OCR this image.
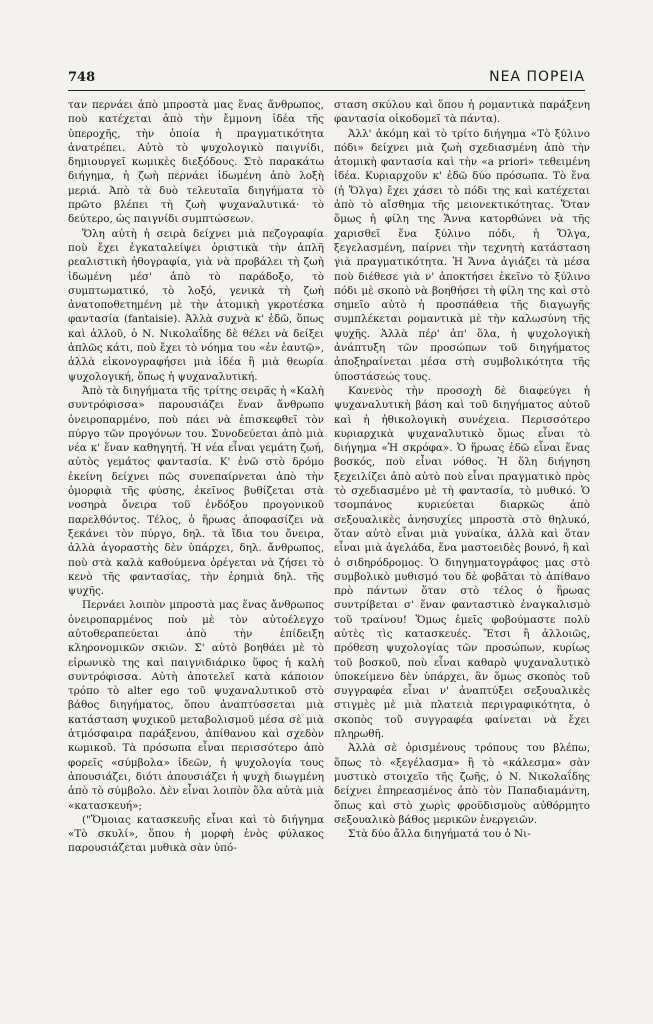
748	ΝΕΑ ΠΟΡΕΙΑ

ταν περνάει ἀπὸ μπροστὰ μας ἕνας ἄνθρωπος, ποὺ κατέχεται ἀπὸ τὴν ἔμμονη ἰδέα τῆς ὑπεροχῆς, τὴν ὁποία ἡ πραγματικότητα ἀνατρέπει. Αὐτὸ τὸ ψυχολογικὸ παιγνίδι, δημιουργεῖ κωμικὲς διεξόδους. Στὸ παρακάτω διήγημα, ἡ ζωὴ περνάει ἰδωμένη ἀπὸ λοξὴ μεριά. Ἀπὸ τὰ δυὸ τελευταῖα διηγήματα τὸ πρῶτο βλέπει τὴ ζωὴ ψυχαναλυτικά· τὸ δεύτερο, ὡς παιγνίδι συμπτώσεων.

Ὅλη αὐτὴ ἡ σειρὰ δείχνει μιὰ πεζογραφία ποὺ ἔχει ἐγκαταλείψει ὁριστικὰ τὴν ἁπλῆ ρεαλιστικὴ ἠθογραφία, γιὰ νὰ προβάλει τὴ ζωὴ ἰδωμένη μέσ' ἀπὸ τὸ παράδοξο, τὸ συμπτωματικό, τὸ λοξό, γενικὰ τὴ ζωὴ ἀνατοποθετημένη μὲ τὴν ἀτομικὴ γκροτέσκα φαντασία (fantaisie). Ἀλλὰ συχνὰ κ' ἐδῶ, ὅπως καὶ ἀλλοῦ, ὁ Ν. Νικολαΐδης δὲ θέλει νὰ δείξει ἁπλῶς κάτι, ποὺ ἔχει τὸ νόημα του «ἐν ἑαυτῷ», ἀλλὰ εἰκονογραφήσει μιὰ ἰδέα ἢ μιὰ θεωρία ψυχολογική, ὅπως ἡ ψυχαναλυτική.

Ἀπὸ τὰ διηγήματα τῆς τρίτης σειρᾶς ἡ «Καλὴ συντρόφισσα» παρουσιάζει ἕναν ἄνθρωπο ὀνειροπαρμένο, ποὺ πάει νὰ ἐπισκεφθεῖ τὸν πύργο τῶν προγόνων του. Συνοδεύεται ἀπὸ μιὰ νέα κ' ἕναν καθηγητή. Ἡ νέα εἶναι γεμάτη ζωή, αὐτὸς γεμάτος φαντασία. Κ' ἐνῶ στὸ δρόμο ἐκείνη δείχνει πῶς συνεπαίρνεται ἀπὸ τὴν ὀμορφιὰ τῆς φύσης, ἐκεῖνος βυθίζεται στὰ νοσηρὰ ὄνειρα τοῦ ἐνδόξου προγονικοῦ παρελθόντος. Τέλος, ὁ ἥρωας ἀποφασίζει νὰ ξεκάνει τὸν πύργο, δηλ. τὰ ἴδια του ὄνειρα, ἀλλὰ ἀγοραστὴς δὲν ὑπάρχει, δηλ. ἄνθρωπος, ποὺ στὰ καλὰ καθούμενα ὀρέγεται νὰ ζήσει τὸ κενὸ τῆς φαντασίας, τὴν ἐρημιὰ δηλ. τῆς ψυχῆς.

Περνάει λοιπὸν μπροστὰ μας ἕνας ἄνθρωπος ὀνειροπαρμένος ποὺ μὲ τὸν αὐτοέλεγχο αὐτοθεραπεύεται ἀπὸ τὴν ἐπίδειξη κληρονομικῶν σκιῶν. Σ' αὐτὸ βοηθάει μὲ τὸ εἰρωνικὸ της καὶ παιγνιδιάρικο ὕφος ἡ καλὴ συντρόφισσα. Αὐτὴ ἀποτελεῖ κατὰ κάποιον τρόπο τὸ alter ego τοῦ ψυχαναλυτικοῦ στὸ βάθος διηγήματος, ὅπου ἀναπτύσσεται μιὰ κατάσταση ψυχικοῦ μεταβολισμοῦ μέσα σὲ μιὰ ἀτμόσφαιρα παράξενου, ἀπίθανου καὶ σχεδὸν κωμικοῦ. Τὰ πρόσωπα εἶναι περισσότερο ἀπὸ φορεῖς «σύμβολα» ἰδεῶν, ἡ ψυχολογία τους ἀπουσιάζει, διότι ἀπουσιάζει ἡ ψυχὴ διωγμένη ἀπὸ τὸ σύμβολο. Δὲν εἶναι λοιπὸν ὅλα αὐτὰ μιὰ «κατασκευή»;

("Ὅμοιας κατασκευῆς εἶναι καὶ τὸ διήγημα «Τὸ σκυλί», ὅπου ἡ μορφὴ ἑνὸς φύλακος παρουσιάζεται μυθικὰ σὰν ὑπό-

σταση σκύλου καὶ ὅπου ἡ ρομαντικὰ παράξενη φαντασία οἰκοδομεῖ τὰ πάντα).

Ἀλλ' ἀκόμη καὶ τὸ τρίτο διήγημα «Τὸ ξύλινο πόδι» δείχνει μιὰ ζωὴ σχεδιασμένη ἀπὸ τὴν ἀτομικὴ φαντασία καὶ τὴν «a priori» τεθειμένη ἰδέα. Κυριαρχοῦν κ' ἐδῶ δύο πρόσωπα. Τὸ ἕνα (ἡ Ὄλγα) ἔχει χάσει τὸ πόδι της καὶ κατέχεται ἀπὸ τὸ αἴσθημα τῆς μειονεκτικότητας. Ὅταν ὅμως ἡ φίλη της Ἄννα κατορθώνει νὰ τῆς χαρισθεῖ ἕνα ξύλινο πόδι, ἡ Ὄλγα, ξεγελασμένη, παίρνει τὴν τεχνητὴ κατάσταση γιὰ πραγματικότητα. Ἡ Ἄννα ἀγιάζει τὰ μέσα ποὺ διέθεσε γιὰ ν' ἀποκτήσει ἐκεῖνο τὸ ξύλινο πόδι μὲ σκοπὸ νὰ βοηθήσει τὴ φίλη της καὶ στὸ σημεῖο αὐτὸ ἡ προσπάθεια τῆς διαγωγῆς συμπλέκεται ρομαντικὰ μὲ τὴν καλωσύνη τῆς ψυχῆς. Ἀλλὰ πέρ' ἀπ' ὅλα, ἡ ψυχολογικὴ ἀνάπτυξη τῶν προσώπων τοῦ διηγήματος ἀποξηραίνεται μέσα στὴ συμβολικότητα τῆς ὑποστάσεώς τους.

Κανενὸς τὴν προσοχὴ δὲ διαφεύγει ἡ ψυχαναλυτικὴ βάση καὶ τοῦ διηγήματος αὐτοῦ καὶ ἡ ἠθικολογικὴ συνέχεια. Περισσότερο κυριαρχικὰ ψυχαναλυτικὸ ὅμως εἶναι τὸ διήγημα «Ἡ σκρόφα». Ὁ ἥρωας ἐδῶ εἶναι ἕνας βοσκός, ποὺ εἶναι νόθος. Ἡ ὅλη διήγηση ξεχειλίζει ἀπὸ αὐτὸ ποὺ εἶναι πραγματικὸ πρὸς τὸ σχεδιασμένο μὲ τὴ φαντασία, τὸ μυθικό. Ὁ τσομπάνος κυριεύεται διαρκῶς ἀπὸ σεξουαλικὲς ἀνησυχίες μπροστὰ στὸ θηλυκό, ὅταν αὐτὸ εἶναι μιὰ γυναίκα, ἀλλὰ καὶ ὅταν εἶναι μιὰ ἀγελάδα, ἕνα μαστοειδὲς βουνό, ἢ καὶ ὁ σιδηρόδρομος. Ὁ διηγηματογράφος μας στὸ συμβολικὸ μυθισμό του δὲ φοβᾶται τὸ ἀπίθανο πρὸ πάντων ὅταν στὸ τέλος ὁ ἥρωας συντρίβεται σ' ἕναν φανταστικὸ ἐναγκαλισμὸ τοῦ τραίνου! Ὅμως ἐμεῖς φοβούμαστε πολὺ αὐτὲς τὶς κατασκευές. Ἔτσι ἢ ἀλλοιῶς, πρόθεση ψυχολογίας τῶν προσώπων, κυρίως τοῦ βοσκοῦ, ποὺ εἶναι καθαρὸ ψυχαναλυτικὸ ὑποκείμενο δὲν ὑπάρχει, ἂν ὅμως σκοπὸς τοῦ συγγραφέα εἶναι ν' ἀναπτύξει σεξουαλικὲς στιγμὲς μὲ μιὰ πλατειὰ περιγραφικότητα, ὁ σκοπὸς τοῦ συγγραφέα φαίνεται νὰ ἔχει πληρωθῆ.

Ἀλλὰ σὲ ὁρισμένους τρόπους του βλέπω, ὅπως τὸ «ξεγέλασμα» ἢ τὸ «κάλεσμα» σὰν μυστικὸ στοιχεῖο τῆς ζωῆς, ὁ Ν. Νικολαΐδης δείχνει ἐπηρεασμένος ἀπὸ τὸν Παπαδιαμάντη, ὅπως καὶ στὸ χωρὶς φροϋδισμοὺς αὐθόρμητο σεξουαλικὸ βάθος μερικῶν ἐνεργειῶν.

Στὰ δύο ἄλλα διηγήματά του ὁ Νι-
